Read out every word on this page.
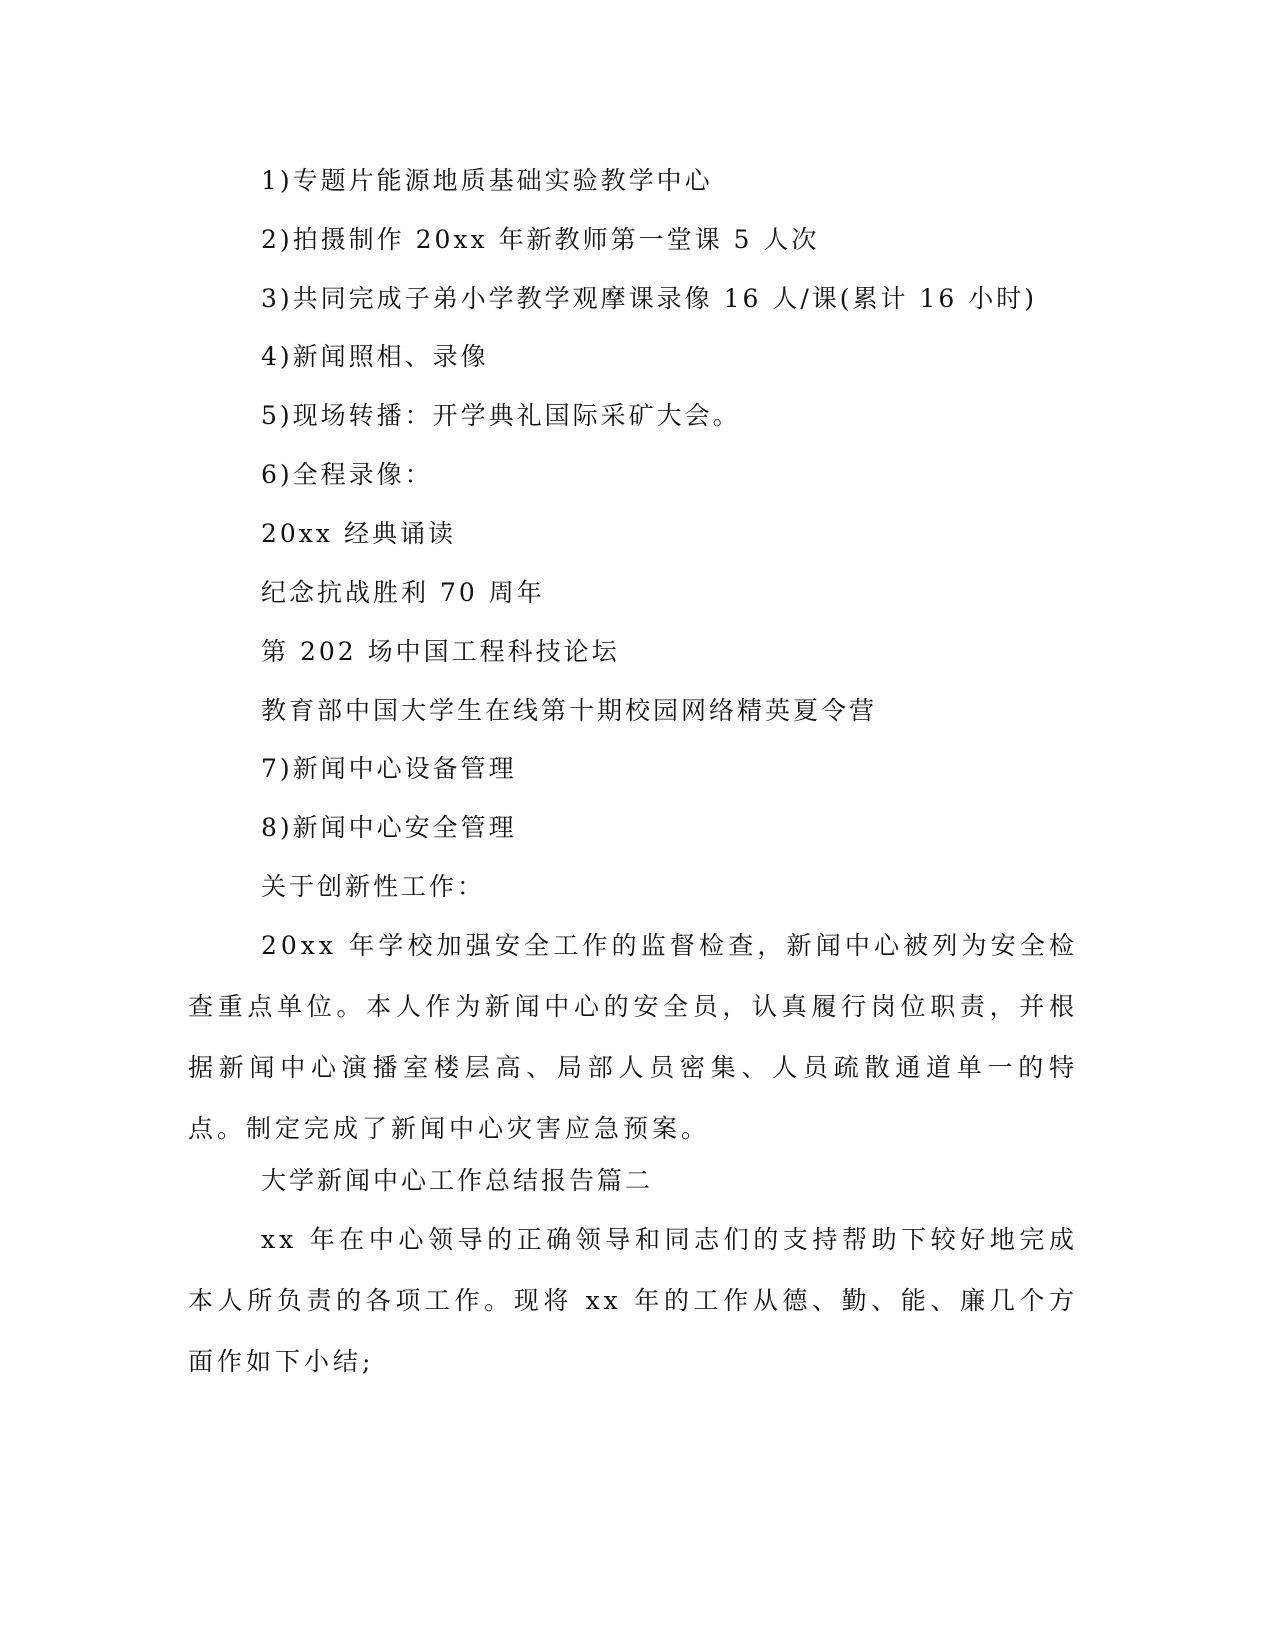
1)专题片能源地质基础实验教学中心
2)拍摄制作 20xx 年新教师第一堂课 5 人次
3)共同完成子弟小学教学观摩课录像 16 人/课(累计 16 小时)
4)新闻照相、录像
5)现场转播：开学典礼国际采矿大会。
6)全程录像：
20xx 经典诵读
纪念抗战胜利 70 周年
第 202 场中国工程科技论坛
教育部中国大学生在线第十期校园网络精英夏令营
7)新闻中心设备管理
8)新闻中心安全管理
关于创新性工作：

20xx 年学校加强安全工作的监督检查，新闻中心被列为安全检查重点单位。本人作为新闻中心的安全员，认真履行岗位职责，并根据新闻中心演播室楼层高、局部人员密集、人员疏散通道单一的特点。制定完成了新闻中心灾害应急预案。

大学新闻中心工作总结报告篇二

xx 年在中心领导的正确领导和同志们的支持帮助下较好地完成本人所负责的各项工作。现将 xx 年的工作从德、勤、能、廉几个方面作如下小结;
